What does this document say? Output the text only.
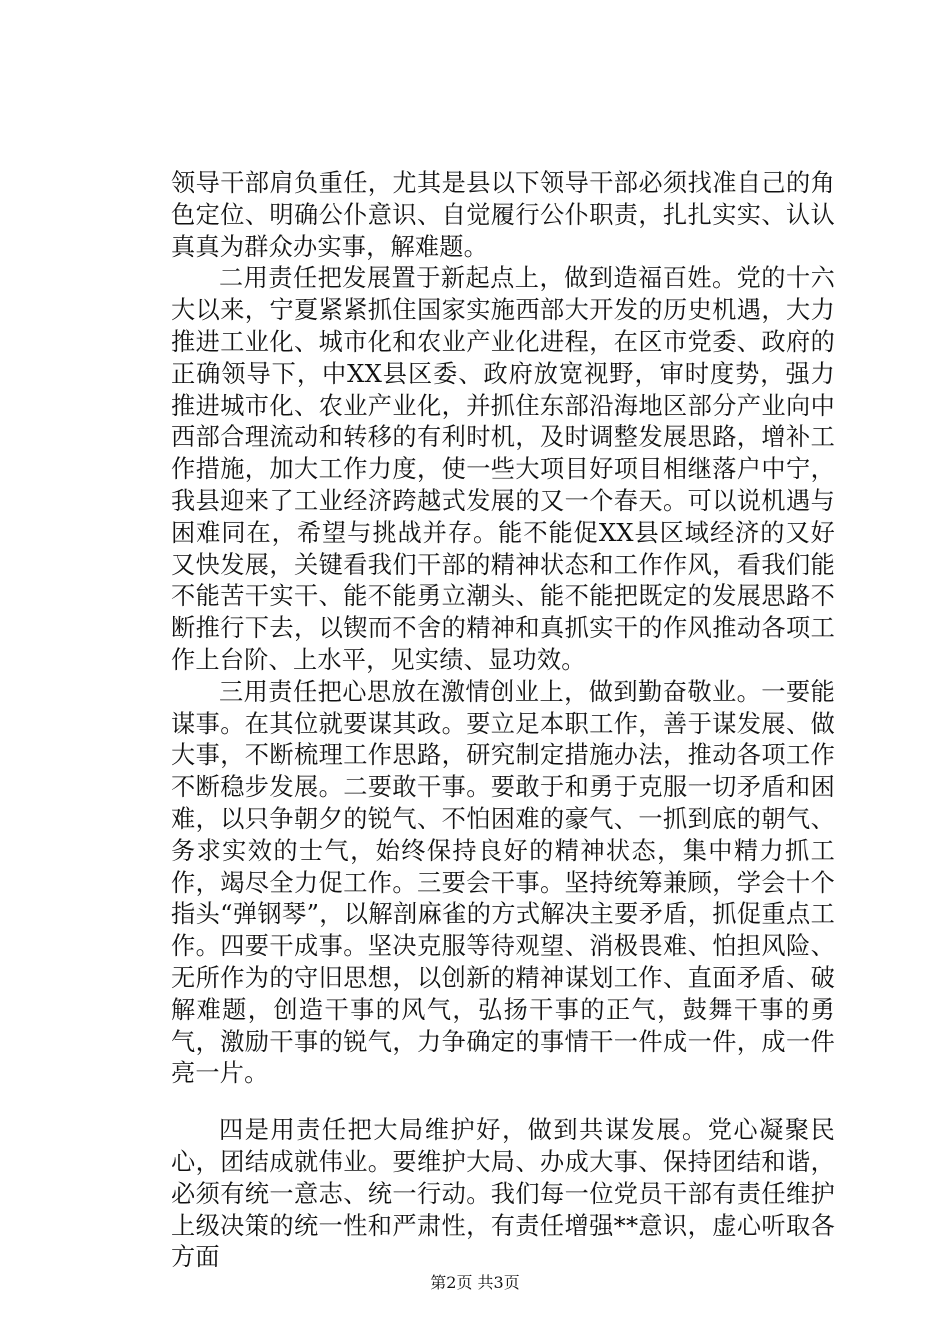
领导干部肩负重任，尤其是县以下领导干部必须找准自己的角色定位、明确公仆意识、自觉履行公仆职责，扎扎实实、认认真真为群众办实事，解难题。

二用责任把发展置于新起点上，做到造福百姓。党的十六大以来，宁夏紧紧抓住国家实施西部大开发的历史机遇，大力推进工业化、城市化和农业产业化进程，在区市党委、政府的正确领导下，中XX县区委、政府放宽视野，审时度势，强力推进城市化、农业产业化，并抓住东部沿海地区部分产业向中西部合理流动和转移的有利时机，及时调整发展思路，增补工作措施，加大工作力度，使一些大项目好项目相继落户中宁，我县迎来了工业经济跨越式发展的又一个春天。可以说机遇与困难同在，希望与挑战并存。能不能促XX县区域经济的又好又快发展，关键看我们干部的精神状态和工作作风，看我们能不能苦干实干、能不能勇立潮头、能不能把既定的发展思路不断推行下去，以锲而不舍的精神和真抓实干的作风推动各项工作上台阶、上水平，见实绩、显功效。

三用责任把心思放在激情创业上，做到勤奋敬业。一要能谋事。在其位就要谋其政。要立足本职工作，善于谋发展、做大事，不断梳理工作思路，研究制定措施办法，推动各项工作不断稳步发展。二要敢干事。要敢于和勇于克服一切矛盾和困难，以只争朝夕的锐气、不怕困难的豪气、一抓到底的朝气、务求实效的士气，始终保持良好的精神状态，集中精力抓工作，竭尽全力促工作。三要会干事。坚持统筹兼顾，学会十个指头“弹钢琴”，以解剖麻雀的方式解决主要矛盾，抓促重点工作。四要干成事。坚决克服等待观望、消极畏难、怕担风险、无所作为的守旧思想，以创新的精神谋划工作、直面矛盾、破解难题，创造干事的风气，弘扬干事的正气，鼓舞干事的勇气，激励干事的锐气，力争确定的事情干一件成一件，成一件亮一片。

四是用责任把大局维护好，做到共谋发展。党心凝聚民心，团结成就伟业。要维护大局、办成大事、保持团结和谐，必须有统一意志、统一行动。我们每一位党员干部有责任维护上级决策的统一性和严肃性，有责任增强**意识，虚心听取各方面

第2页 共3页
